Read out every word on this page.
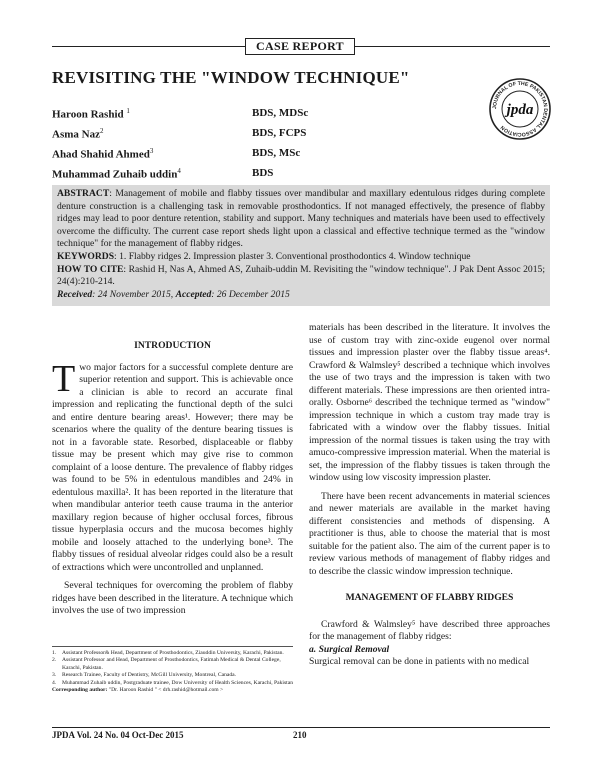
CASE REPORT
REVISITING THE "WINDOW TECHNIQUE"
Haroon Rashid $^1$	BDS, MDSc
Asma Naz$^2$	BDS, FCPS
Ahad Shahid Ahmed$^3$	BDS, MSc
Muhammad Zuhaib uddin$^4$	BDS
JOURNAL OF THE PAKISTAN DENTAL ASSOCIATION
jpda
ABSTRACT: Management of mobile and flabby tissues over mandibular and maxillary edentulous ridges during complete denture construction is a challenging task in removable prosthodontics. If not managed effectively, the presence of flabby ridges may lead to poor denture retention, stability and support. Many techniques and materials have been used to effectively overcome the difficulty. The current case report sheds light upon a classical and effective technique termed as the "window technique" for the management of flabby ridges.
KEYWORDS: 1. Flabby ridges 2. Impression plaster 3. Conventional prosthodontics 4. Window technique
HOW TO CITE: Rashid H, Nas A, Ahmed AS, Zuhaib-uddin M. Revisiting the "window technique". J Pak Dent Assoc 2015; 24(4):210-214.
Received: 24 November 2015, Accepted: 26 December 2015
INTRODUCTION
Two major factors for a successful complete denture are superior retention and support. This is achievable once a clinician is able to record an accurate final impression and replicating the functional depth of the sulci and entire denture bearing areas¹. However; there may be scenarios where the quality of the denture bearing tissues is not in a favorable state. Resorbed, displaceable or flabby tissue may be present which may give rise to common complaint of a loose denture. The prevalence of flabby ridges was found to be 5% in edentulous mandibles and 24% in edentulous maxilla². It has been reported in the literature that when mandibular anterior teeth cause trauma in the anterior maxillary region because of higher occlusal forces, fibrous tissue hyperplasia occurs and the mucosa becomes highly mobile and loosely attached to the underlying bone³. The flabby tissues of residual alveolar ridges could also be a result of extractions which were uncontrolled and unplanned.
Several techniques for overcoming the problem of flabby ridges have been described in the literature. A technique which involves the use of two impression
materials has been described in the literature. It involves the use of custom tray with zinc-oxide eugenol over normal tissues and impression plaster over the flabby tissue areas⁴. Crawford & Walmsley⁵ described a technique which involves the use of two trays and the impression is taken with two different materials. These impressions are then oriented intra-orally. Osborne⁶ described the technique termed as "window" impression technique in which a custom tray made tray is fabricated with a window over the flabby tissues. Initial impression of the normal tissues is taken using the tray with amuco-compressive impression material. When the material is set, the impression of the flabby tissues is taken through the window using low viscosity impression plaster.
There have been recent advancements in material sciences and newer materials are available in the market having different consistencies and methods of dispensing. A practitioner is thus, able to choose the material that is most suitable for the patient also. The aim of the current paper is to review various methods of management of flabby ridges and to describe the classic window impression technique.
MANAGEMENT OF FLABBY RIDGES
Crawford & Walmsley⁵ have described three approaches for the management of flabby ridges:
a. Surgical Removal
Surgical removal can be done in patients with no medical
1.	Assistant Professor& Head, Department of Prosthodontics, Ziauddin University, Karachi, Pakistan.
2.	Assistant Professor and Head, Department of Prosthodontics, Fatimah Medical & Dental College, Karachi, Pakistan.
3.	Research Trainee, Faculty of Dentistry, McGill University, Montreal, Canada.
4.	Muhammad Zuhaib uddin, Postgraduate trainee, Dow University of Health Sciences, Karachi, Pakistan
Corresponding author: "Dr. Haroon Rashid " < drh.rashid@hotmail.com >
JPDA Vol. 24 No. 04 Oct-Dec 2015	210
